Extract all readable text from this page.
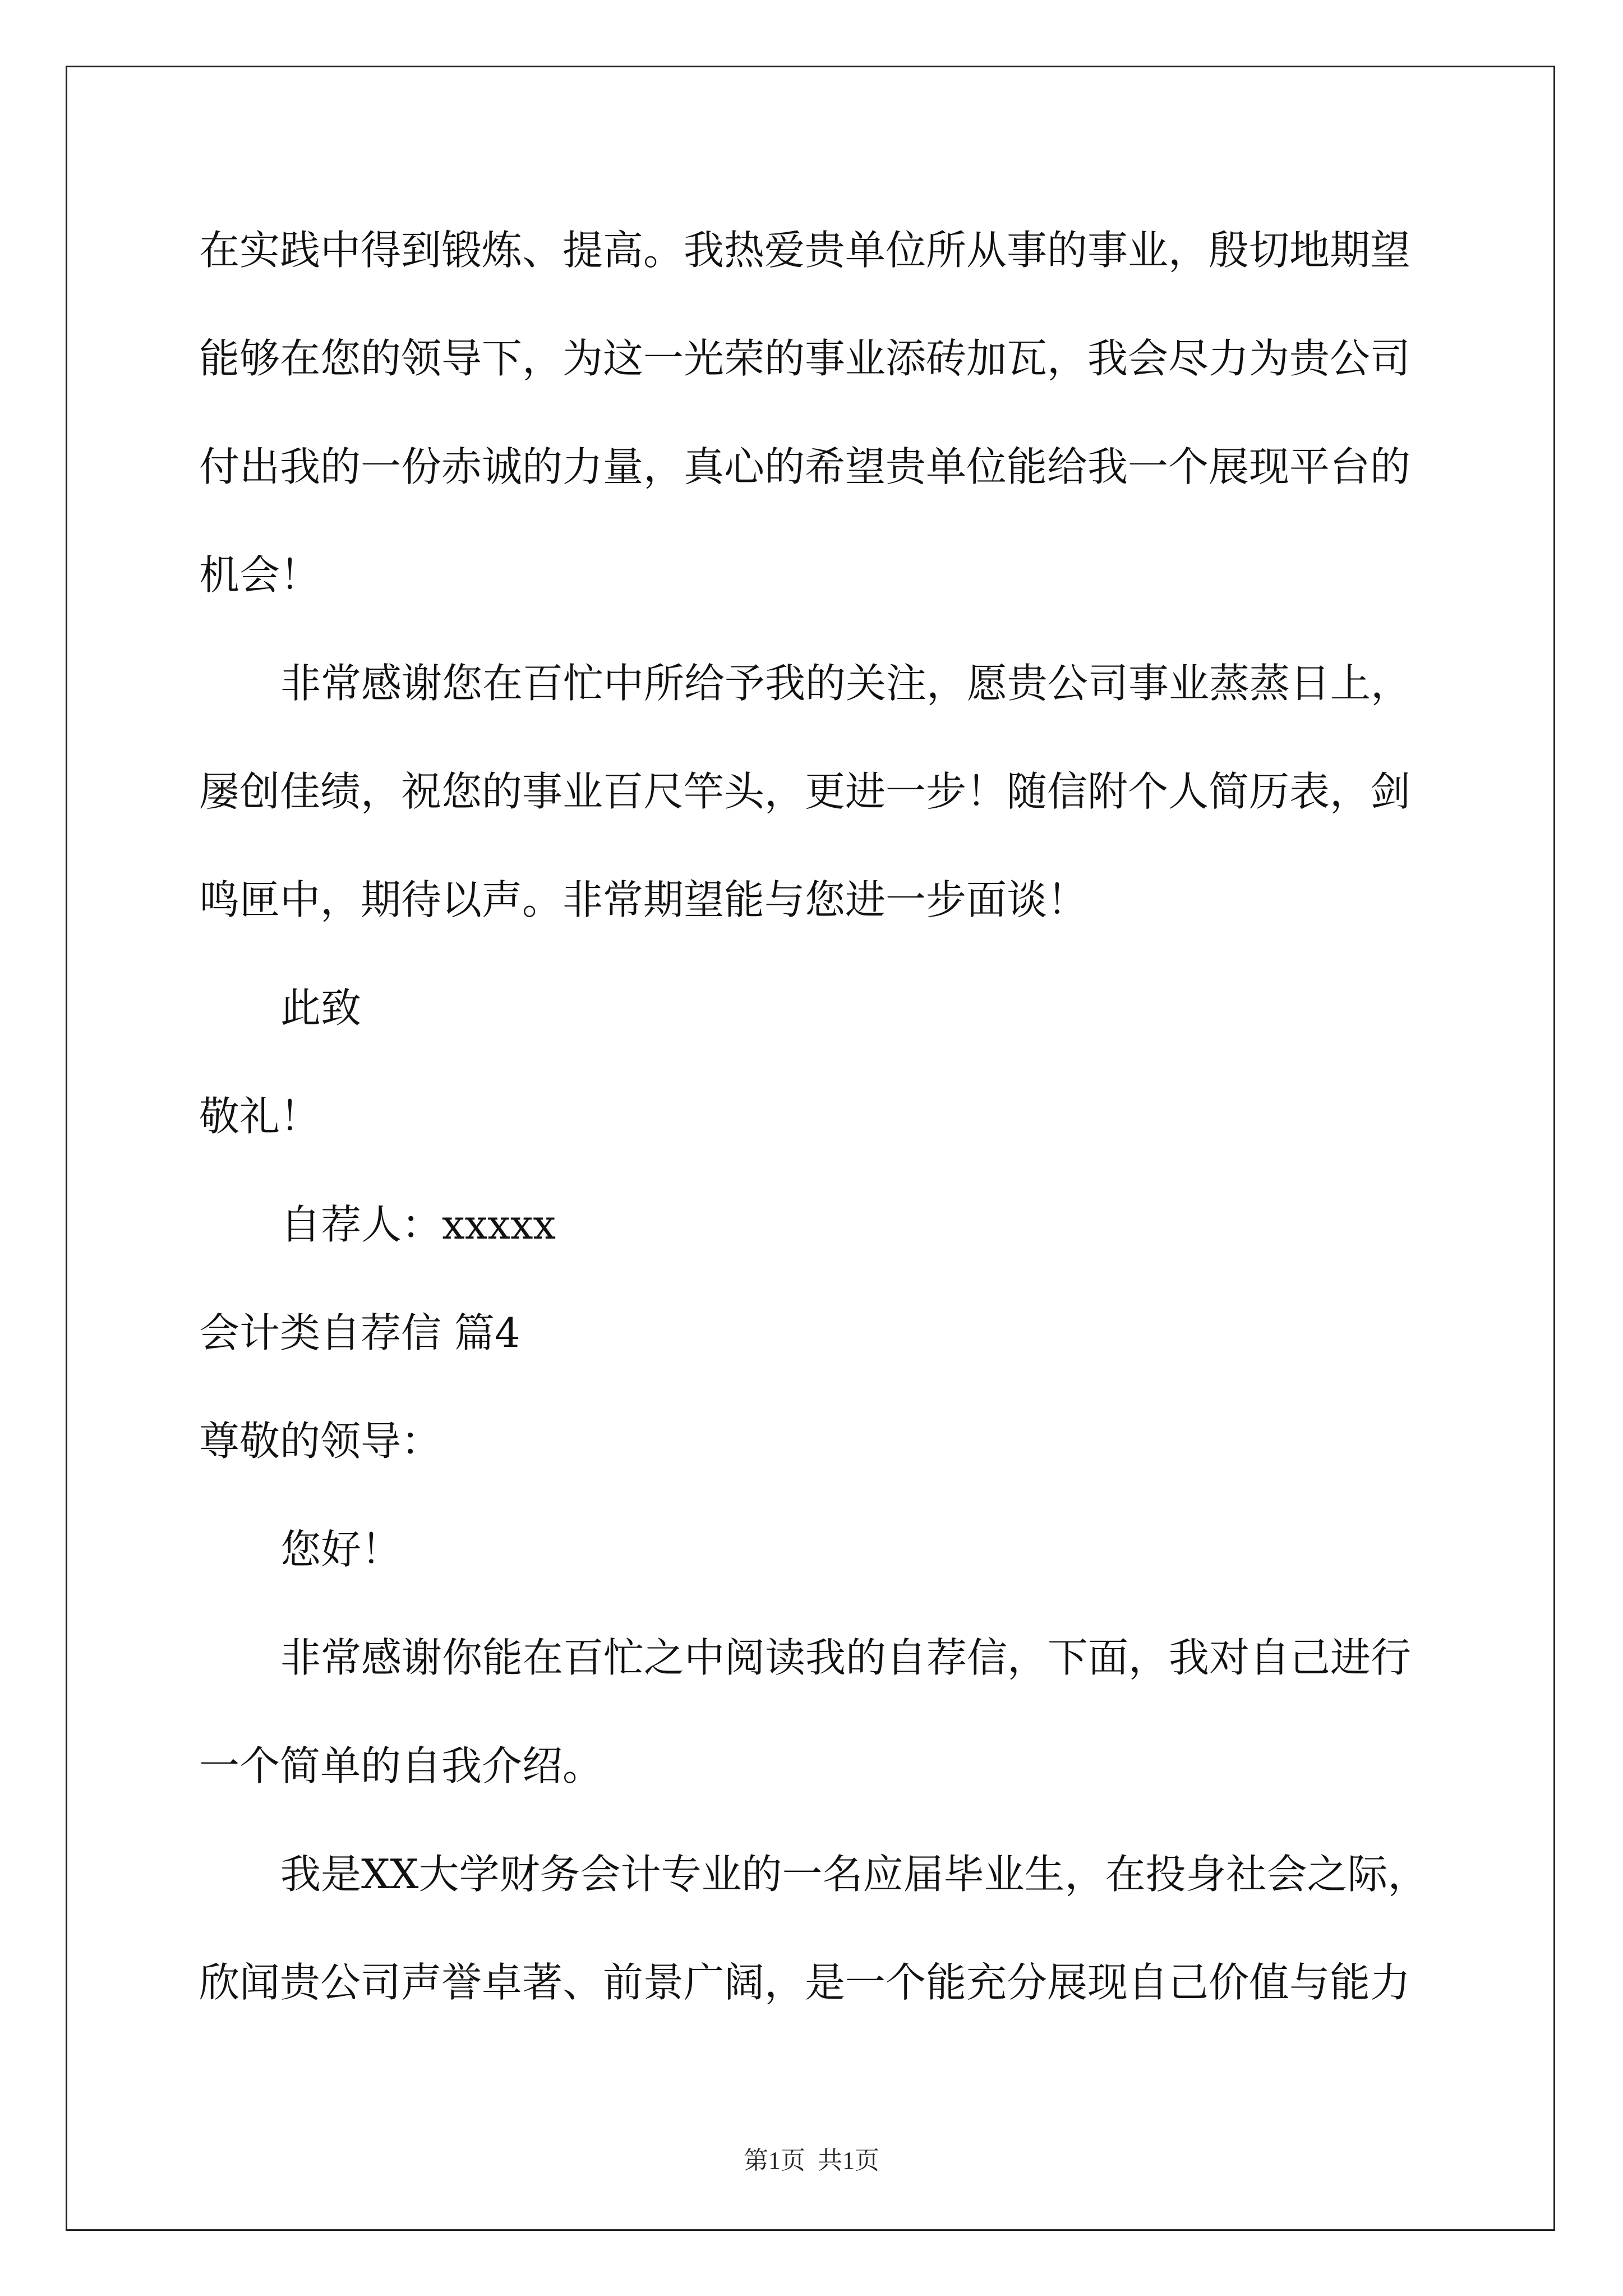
在实践中得到锻炼、提高。我热爱贵单位所从事的事业，殷切地期望
能够在您的领导下，为这一光荣的事业添砖加瓦，我会尽力为贵公司
付出我的一份赤诚的力量，真心的希望贵单位能给我一个展现平台的
机会！
非常感谢您在百忙中所给予我的关注，愿贵公司事业蒸蒸日上，
屡创佳绩，祝您的事业百尺竿头，更进一步！随信附个人简历表，剑
鸣匣中，期待以声。非常期望能与您进一步面谈！
此致
敬礼！
自荐人：xxxxx
会计类自荐信 篇4
尊敬的领导：
您好！
非常感谢你能在百忙之中阅读我的自荐信，下面，我对自己进行
一个简单的自我介绍。
我是XX大学财务会计专业的一名应届毕业生，在投身社会之际，
欣闻贵公司声誉卓著、前景广阔，是一个能充分展现自己价值与能力
第1页  共1页
